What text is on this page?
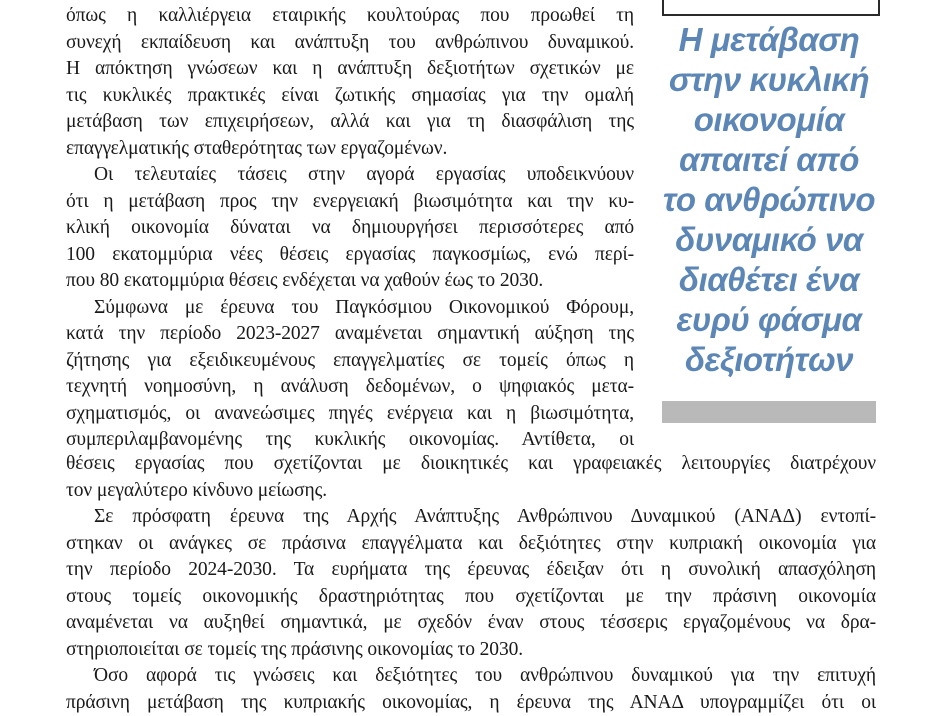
όπως η καλλιέργεια εταιρικής κουλτούρας που προωθεί τη
συνεχή εκπαίδευση και ανάπτυξη του ανθρώπινου δυναμικού.
Η απόκτηση γνώσεων και η ανάπτυξη δεξιοτήτων σχετικών με
τις κυκλικές πρακτικές είναι ζωτικής σημασίας για την ομαλή
μετάβαση των επιχειρήσεων, αλλά και για τη διασφάλιση της
επαγγελματικής σταθερότητας των εργαζομένων.
Οι τελευταίες τάσεις στην αγορά εργασίας υποδεικνύουν
ότι η μετάβαση προς την ενεργειακή βιωσιμότητα και την κυ-
κλική οικονομία δύναται να δημιουργήσει περισσότερες από
100 εκατομμύρια νέες θέσεις εργασίας παγκοσμίως, ενώ περί-
που 80 εκατομμύρια θέσεις ενδέχεται να χαθούν έως το 2030.
Σύμφωνα με έρευνα του Παγκόσμιου Οικονομικού Φόρουμ,
κατά την περίοδο 2023-2027 αναμένεται σημαντική αύξηση της
ζήτησης για εξειδικευμένους επαγγελματίες σε τομείς όπως η
τεχνητή νοημοσύνη, η ανάλυση δεδομένων, ο ψηφιακός μετα-
σχηματισμός, οι ανανεώσιμες πηγές ενέργεια και η βιωσιμότητα,
συμπεριλαμβανομένης της κυκλικής οικονομίας. Αντίθετα, οι
Η μετάβαση
στην κυκλική
οικονομία
απαιτεί από
το ανθρώπινο
δυναμικό να
διαθέτει ένα
ευρύ φάσμα
δεξιοτήτων
θέσεις εργασίας που σχετίζονται με διοικητικές και γραφειακές λειτουργίες διατρέχουν
τον μεγαλύτερο κίνδυνο μείωσης.
Σε πρόσφατη έρευνα της Αρχής Ανάπτυξης Ανθρώπινου Δυναμικού (ΑΝΑΔ) εντοπί-
στηκαν οι ανάγκες σε πράσινα επαγγέλματα και δεξιότητες στην κυπριακή οικονομία για
την περίοδο 2024-2030. Τα ευρήματα της έρευνας έδειξαν ότι η συνολική απασχόληση
στους τομείς οικονομικής δραστηριότητας που σχετίζονται με την πράσινη οικονομία
αναμένεται να αυξηθεί σημαντικά, με σχεδόν έναν στους τέσσερις εργαζομένους να δρα-
στηριοποιείται σε τομείς της πράσινης οικονομίας το 2030.
Όσο αφορά τις γνώσεις και δεξιότητες του ανθρώπινου δυναμικού για την επιτυχή
πράσινη μετάβαση της κυπριακής οικονομίας, η έρευνα της ΑΝΑΔ υπογραμμίζει ότι οι
